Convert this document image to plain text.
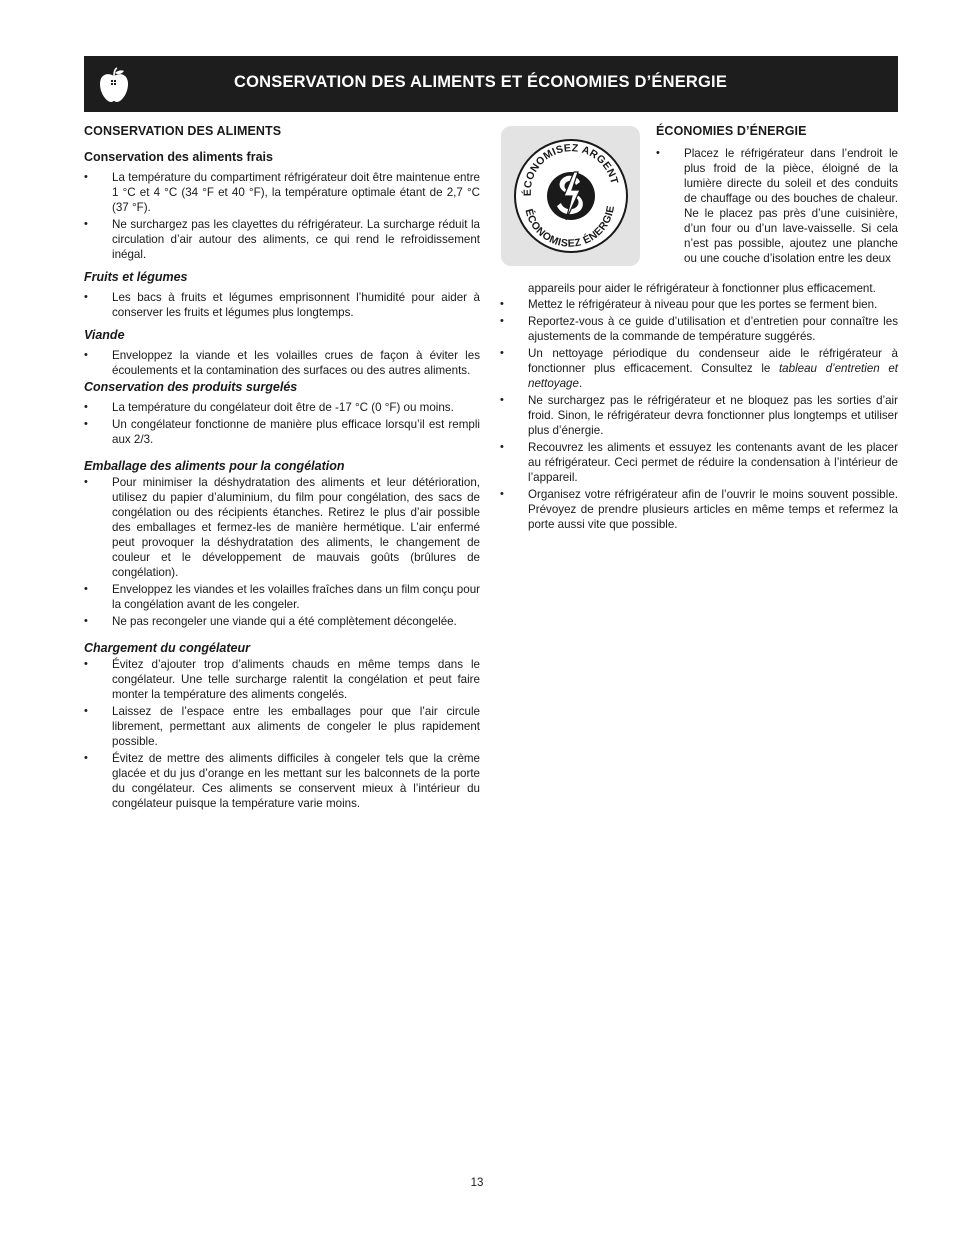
CONSERVATION DES ALIMENTS ET ÉCONOMIES D’ÉNERGIE
CONSERVATION DES ALIMENTS
Conservation des aliments frais
• La température du compartiment réfrigérateur doit être maintenue entre 1 °C et 4 °C (34 °F et 40 °F), la température optimale étant de 2,7 °C (37 °F).
• Ne surchargez pas les clayettes du réfrigérateur. La surcharge réduit la circulation d’air autour des aliments, ce qui rend le refroidissement inégal.
Fruits et légumes
• Les bacs à fruits et légumes emprisonnent l’humidité pour aider à conserver les fruits et légumes plus longtemps.
Viande
• Enveloppez la viande et les volailles crues de façon à éviter les écoulements et la contamination des surfaces ou des autres aliments.
Conservation des produits surgelés
• La température du congélateur doit être de -17 °C (0 °F) ou moins.
• Un congélateur fonctionne de manière plus efficace lorsqu’il est rempli aux 2/3.
Emballage des aliments pour la congélation
• Pour minimiser la déshydratation des aliments et leur détérioration, utilisez du papier d’aluminium, du film pour congélation, des sacs de congélation ou des récipients étanches. Retirez le plus d’air possible des emballages et fermez-les de manière hermétique. L’air enfermé peut provoquer la déshydratation des aliments, le changement de couleur et le développement de mauvais goûts (brûlures de congélation).
• Enveloppez les viandes et les volailles fraîches dans un film conçu pour la congélation avant de les congeler.
• Ne pas recongeler une viande qui a été complètement décongelée.
Chargement du congélateur
• Évitez d’ajouter trop d’aliments chauds en même temps dans le congélateur. Une telle surcharge ralentit la congélation et peut faire monter la température des aliments congelés.
• Laissez de l’espace entre les emballages pour que l’air circule librement, permettant aux aliments de congeler le plus rapidement possible.
• Évitez de mettre des aliments difficiles à congeler tels que la crème glacée et du jus d’orange en les mettant sur les balconnets de la porte du congélateur. Ces aliments se conservent mieux à l’intérieur du congélateur puisque la température varie moins.
ÉCONOMISEZ ARGENT
ÉCONOMISEZ ÉNERGIE
ÉCONOMIES D’ÉNERGIE
• Placez le réfrigérateur dans l’endroit le plus froid de la pièce, éloigné de la lumière directe du soleil et des conduits de chauffage ou des bouches de chaleur. Ne le placez pas près d’une cuisinière, d’un four ou d’un lave-vaisselle. Si cela n’est pas possible, ajoutez une planche ou une couche d’isolation entre les deux
appareils pour aider le réfrigérateur à fonctionner plus efficacement.
• Mettez le réfrigérateur à niveau pour que les portes se ferment bien.
• Reportez-vous à ce guide d’utilisation et d’entretien pour connaître les ajustements de la commande de température suggérés.
• Un nettoyage périodique du condenseur aide le réfrigérateur à fonctionner plus efficacement. Consultez le tableau d’entretien et nettoyage.
• Ne surchargez pas le réfrigérateur et ne bloquez pas les sorties d’air froid. Sinon, le réfrigérateur devra fonctionner plus longtemps et utiliser plus d’énergie.
• Recouvrez les aliments et essuyez les contenants avant de les placer au réfrigérateur. Ceci permet de réduire la condensation à l’intérieur de l’appareil.
• Organisez votre réfrigérateur afin de l’ouvrir le moins souvent possible. Prévoyez de prendre plusieurs articles en même temps et refermez la porte aussi vite que possible.
13
